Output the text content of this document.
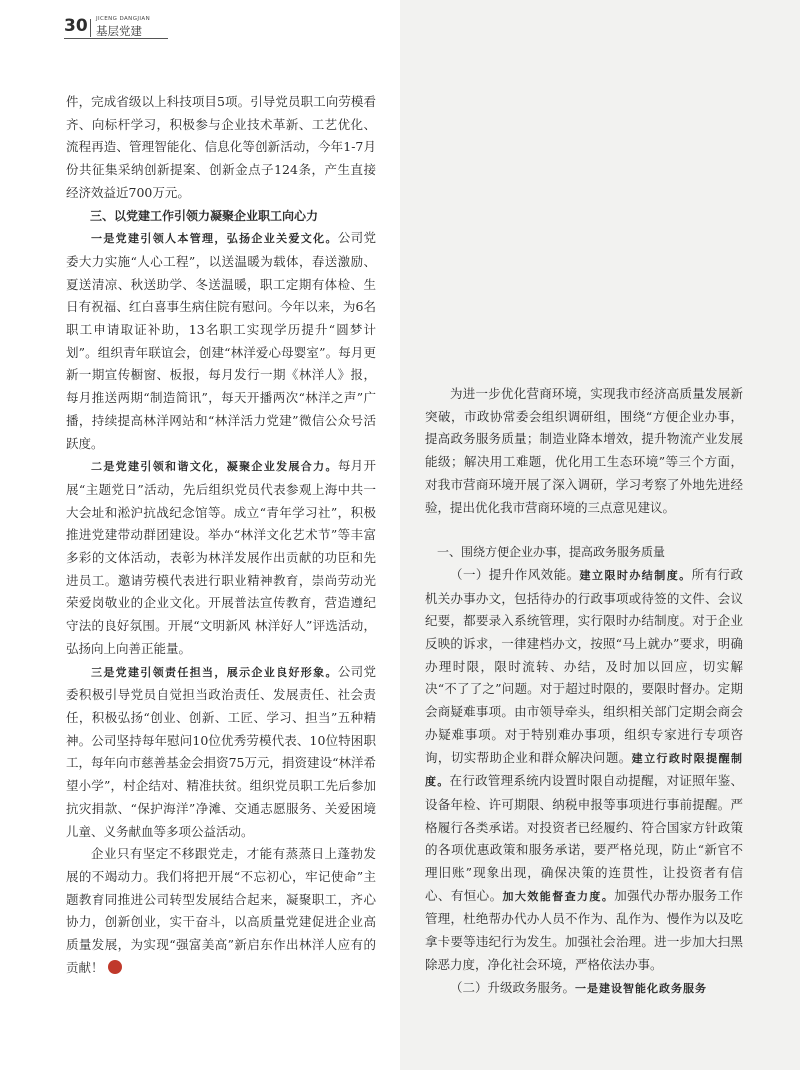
30 JICENG DANGJIAN
基层党建

件，完成省级以上科技项目5项。引导党员职工向劳模看齐、向标杆学习，积极参与企业技术革新、工艺优化、流程再造、管理智能化、信息化等创新活动，今年1-7月份共征集采纳创新提案、创新金点子124条，产生直接经济效益近700万元。

三、以党建工作引领力凝聚企业职工向心力

一是党建引领人本管理，弘扬企业关爱文化。公司党委大力实施“人心工程”，以送温暖为载体，春送激励、夏送清凉、秋送助学、冬送温暖，职工定期有体检、生日有祝福、红白喜事生病住院有慰问。今年以来，为6名职工申请取证补助，13名职工实现学历提升“圆梦计划”。组织青年联谊会，创建“林洋爱心母婴室”。每月更新一期宣传橱窗、板报，每月发行一期《林洋人》报，每月推送两期“制造简讯”，每天开播两次“林洋之声”广播，持续提高林洋网站和“林洋活力党建”微信公众号活跃度。

二是党建引领和谐文化，凝聚企业发展合力。每月开展“主题党日”活动，先后组织党员代表参观上海中共一大会址和淞沪抗战纪念馆等。成立“青年学习社”，积极推进党建带动群团建设。举办“林洋文化艺术节”等丰富多彩的文体活动，表彰为林洋发展作出贡献的功臣和先进员工。邀请劳模代表进行职业精神教育，崇尚劳动光荣爱岗敬业的企业文化。开展普法宣传教育，营造遵纪守法的良好氛围。开展“文明新风 林洋好人”评选活动，弘扬向上向善正能量。

三是党建引领责任担当，展示企业良好形象。公司党委积极引导党员自觉担当政治责任、发展责任、社会责任，积极弘扬“创业、创新、工匠、学习、担当”五种精神。公司坚持每年慰问10位优秀劳模代表、10位特困职工，每年向市慈善基金会捐资75万元，捐资建设“林洋希望小学”，村企结对、精准扶贫。组织党员职工先后参加抗灾捐款、“保护海洋”净滩、交通志愿服务、关爱困境儿童、义务献血等多项公益活动。

企业只有坚定不移跟党走，才能有蒸蒸日上蓬勃发展的不竭动力。我们将把开展“不忘初心，牢记使命”主题教育同推进公司转型发展结合起来，凝聚职工，齐心协力，创新创业，实干奋斗，以高质量党建促进企业高质量发展，为实现“强富美高”新启东作出林洋人应有的贡献！

为进一步优化营商环境，实现我市经济高质量发展新突破，市政协常委会组织调研组，围绕“方便企业办事，提高政务服务质量；制造业降本增效，提升物流产业发展能级；解决用工难题，优化用工生态环境”等三个方面，对我市营商环境开展了深入调研，学习考察了外地先进经验，提出优化我市营商环境的三点意见建议。

一、围绕方便企业办事，提高政务服务质量

（一）提升作风效能。建立限时办结制度。所有行政机关办事办文，包括待办的行政事项或待签的文件、会议纪要，都要录入系统管理，实行限时办结制度。对于企业反映的诉求，一律建档办文，按照“马上就办”要求，明确办理时限，限时流转、办结，及时加以回应，切实解决“不了了之”问题。对于超过时限的，要限时督办。定期会商疑难事项。由市领导牵头，组织相关部门定期会商会办疑难事项。对于特别难办事项，组织专家进行专项咨询，切实帮助企业和群众解决问题。建立行政时限提醒制度。在行政管理系统内设置时限自动提醒，对证照年鉴、设备年检、许可期限、纳税申报等事项进行事前提醒。严格履行各类承诺。对投资者已经履约、符合国家方针政策的各项优惠政策和服务承诺，要严格兑现，防止“新官不理旧账”现象出现，确保决策的连贯性，让投资者有信心、有恒心。加大效能督查力度。加强代办帮办服务工作管理，杜绝帮办代办人员不作为、乱作为、慢作为以及吃拿卡要等违纪行为发生。加强社会治理。进一步加大扫黑除恶力度，净化社会环境，严格依法办事。

（二）升级政务服务。一是建设智能化政务服务
